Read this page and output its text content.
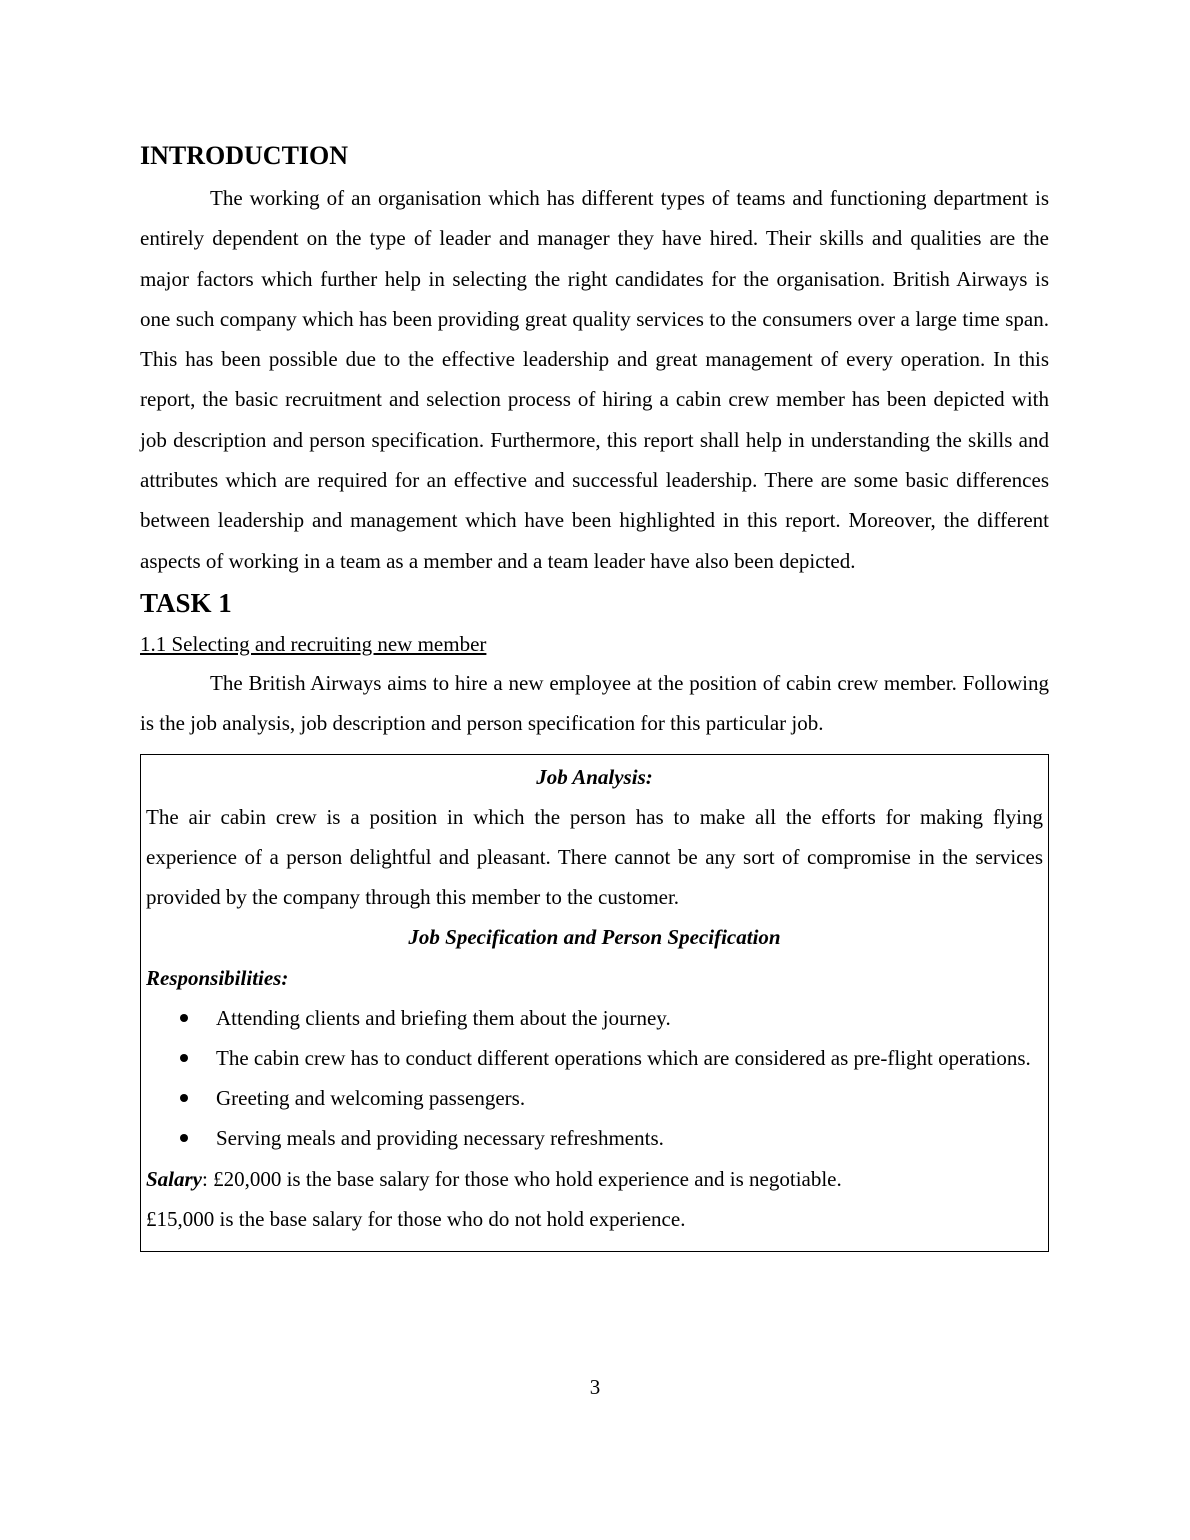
INTRODUCTION

The working of an organisation which has different types of teams and functioning department is entirely dependent on the type of leader and manager they have hired. Their skills and qualities are the major factors which further help in selecting the right candidates for the organisation. British Airways is one such company which has been providing great quality services to the consumers over a large time span. This has been possible due to the effective leadership and great management of every operation. In this report, the basic recruitment and selection process of hiring a cabin crew member has been depicted with job description and person specification. Furthermore, this report shall help in understanding the skills and attributes which are required for an effective and successful leadership. There are some basic differences between leadership and management which have been highlighted in this report. Moreover, the different aspects of working in a team as a member and a team leader have also been depicted.

TASK 1
1.1 Selecting and recruiting new member

The British Airways aims to hire a new employee at the position of cabin crew member. Following is the job analysis, job description and person specification for this particular job.

Job Analysis:

The air cabin crew is a position in which the person has to make all the efforts for making flying experience of a person delightful and pleasant. There cannot be any sort of compromise in the services provided by the company through this member to the customer.

Job Specification and Person Specification
Responsibilities:
Attending clients and briefing them about the journey.
The cabin crew has to conduct different operations which are considered as pre-flight operations.
Greeting and welcoming passengers.
Serving meals and providing necessary refreshments.

Salary: £20,000 is the base salary for those who hold experience and is negotiable.

£15,000 is the base salary for those who do not hold experience.

3
